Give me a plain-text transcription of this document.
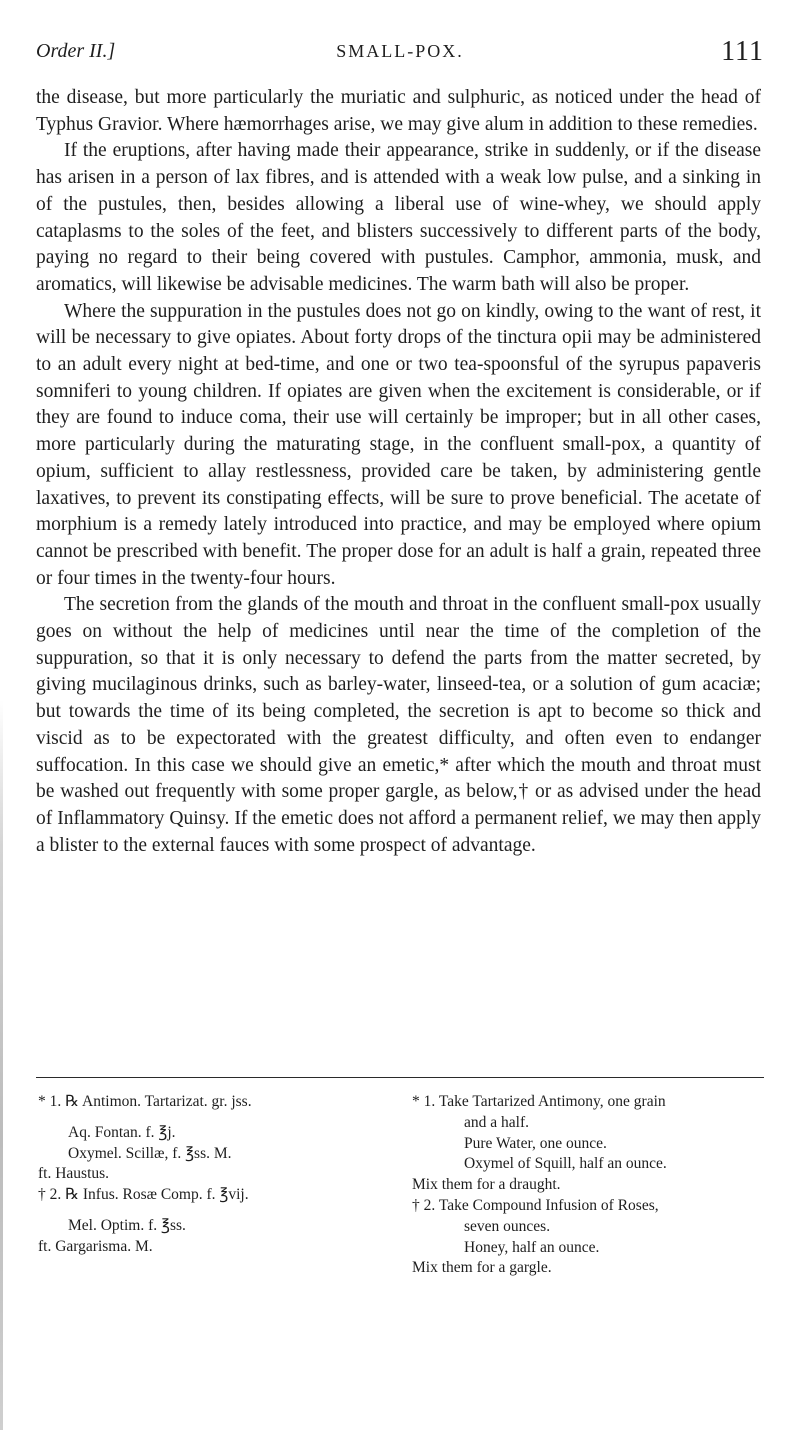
Order II.]	SMALL-POX.	111

the disease, but more particularly the muriatic and sulphuric, as noticed under the head of Typhus Gravior. Where hæmorrhages arise, we may give alum in addition to these remedies.

If the eruptions, after having made their appearance, strike in suddenly, or if the disease has arisen in a person of lax fibres, and is attended with a weak low pulse, and a sinking in of the pustules, then, besides allowing a liberal use of wine-whey, we should apply cataplasms to the soles of the feet, and blisters successively to different parts of the body, paying no regard to their being covered with pustules. Camphor, ammonia, musk, and aromatics, will likewise be advisable medicines. The warm bath will also be proper.

Where the suppuration in the pustules does not go on kindly, owing to the want of rest, it will be necessary to give opiates. About forty drops of the tinctura opii may be administered to an adult every night at bed-time, and one or two tea-spoonsful of the syrupus papaveris somniferi to young children. If opiates are given when the excitement is considerable, or if they are found to induce coma, their use will certainly be improper; but in all other cases, more particularly during the maturating stage, in the confluent small-pox, a quantity of opium, sufficient to allay restlessness, provided care be taken, by administering gentle laxatives, to prevent its constipating effects, will be sure to prove beneficial. The acetate of morphium is a remedy lately introduced into practice, and may be employed where opium cannot be prescribed with benefit. The proper dose for an adult is half a grain, repeated three or four times in the twenty-four hours.

The secretion from the glands of the mouth and throat in the confluent small-pox usually goes on without the help of medicines until near the time of the completion of the suppuration, so that it is only necessary to defend the parts from the matter secreted, by giving mucilaginous drinks, such as barley-water, linseed-tea, or a solution of gum acaciæ; but towards the time of its being completed, the secretion is apt to become so thick and viscid as to be expectorated with the greatest difficulty, and often even to endanger suffocation. In this case we should give an emetic,* after which the mouth and throat must be washed out frequently with some proper gargle, as below,† or as advised under the head of Inflammatory Quinsy. If the emetic does not afford a permanent relief, we may then apply a blister to the external fauces with some prospect of advantage.

* 1. ℞ Antimon. Tartarizat. gr. jss.
Aq. Fontan. f. ℥j.
Oxymel. Scillæ, f. ℥ss. M.
ft. Haustus.
† 2. ℞ Infus. Rosæ Comp. f. ℥vij.
Mel. Optim. f. ℥ss.
ft. Gargarisma. M.
* 1. Take Tartarized Antimony, one grain
and a half.
Pure Water, one ounce.
Oxymel of Squill, half an ounce.
Mix them for a draught.
† 2. Take Compound Infusion of Roses,
seven ounces.
Honey, half an ounce.
Mix them for a gargle.
